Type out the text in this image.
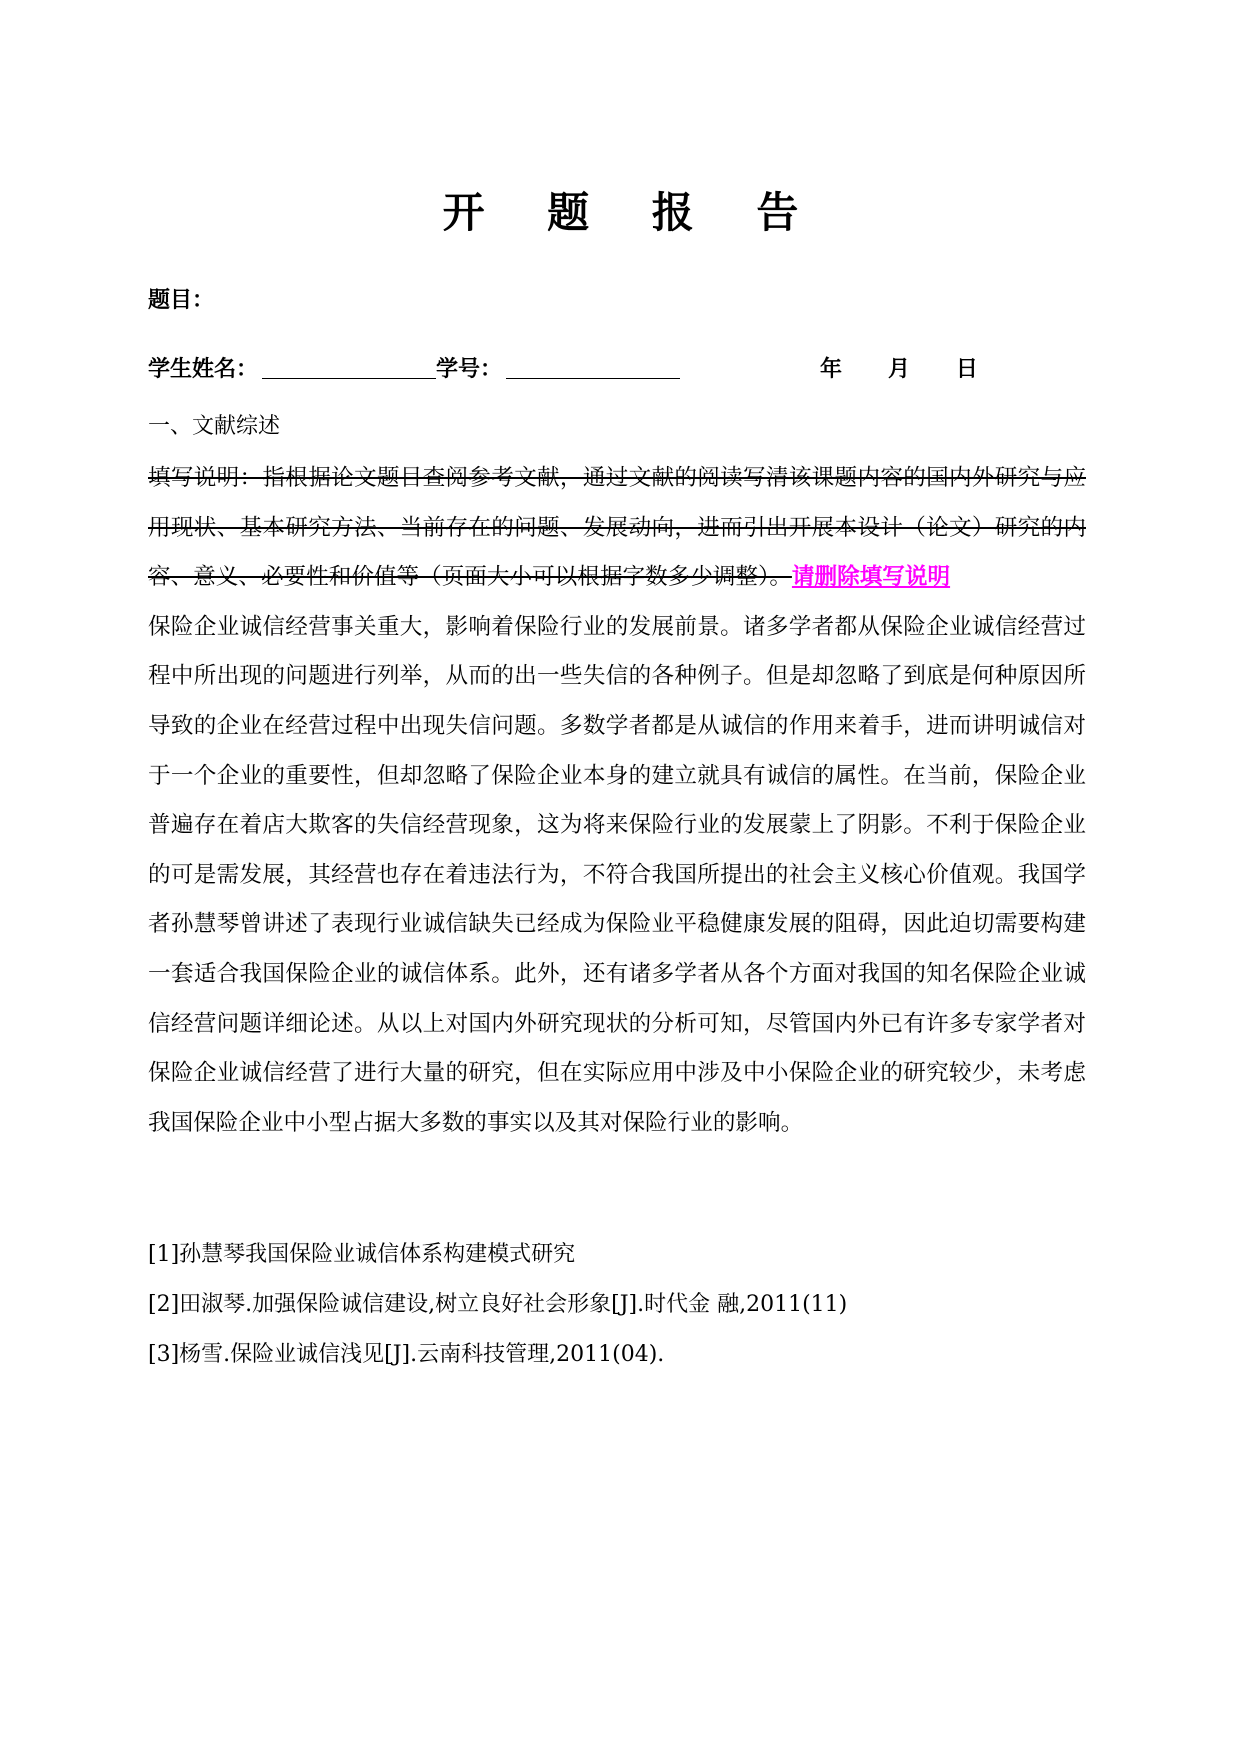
开 题 报 告
题目：
学生姓名：	学号：	年      月      日
一、文献综述

填写说明：指根据论文题目查阅参考文献，通过文献的阅读写清该课题内容的国内外研究与应用现状、基本研究方法、当前存在的问题、发展动向，进而引出开展本设计（论文）研究的内容、意义、必要性和价值等（页面大小可以根据字数多少调整）。请删除填写说明

保险企业诚信经营事关重大，影响着保险行业的发展前景。诸多学者都从保险企业诚信经营过程中所出现的问题进行列举，从而的出一些失信的各种例子。但是却忽略了到底是何种原因所导致的企业在经营过程中出现失信问题。多数学者都是从诚信的作用来着手，进而讲明诚信对于一个企业的重要性，但却忽略了保险企业本身的建立就具有诚信的属性。在当前，保险企业普遍存在着店大欺客的失信经营现象，这为将来保险行业的发展蒙上了阴影。不利于保险企业的可是需发展，其经营也存在着违法行为，不符合我国所提出的社会主义核心价值观。我国学者孙慧琴曾讲述了表现行业诚信缺失已经成为保险业平稳健康发展的阻碍，因此迫切需要构建一套适合我国保险企业的诚信体系。此外，还有诸多学者从各个方面对我国的知名保险企业诚信经营问题详细论述。从以上对国内外研究现状的分析可知，尽管国内外已有许多专家学者对保险企业诚信经营了进行大量的研究，但在实际应用中涉及中小保险企业的研究较少，未考虑我国保险企业中小型占据大多数的事实以及其对保险行业的影响。

[1]孙慧琴我国保险业诚信体系构建模式研究
[2]田淑琴.加强保险诚信建设,树立良好社会形象[J].时代金 融,2011(11)
[3]杨雪.保险业诚信浅见[J].云南科技管理,2011(04).
